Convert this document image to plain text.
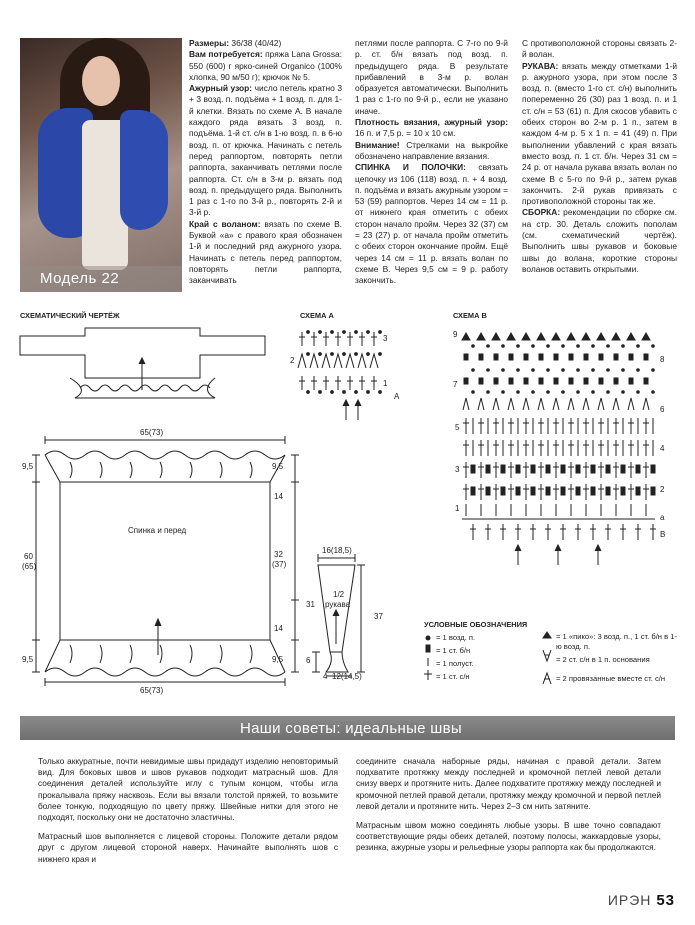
Модель 22
Размеры: 36/38 (40/42)
Вам потребуется: пряжа Lana Grossa: 550 (600) г ярко-синей Organico (100% хлопка, 90 м/50 г); крючок № 5.
Ажурный узор: число петель кратно 3 + 3 возд. п. подъёма + 1 возд. п. для 1-й клетки. Вязать по схеме А. В начале каждого ряда вязать 3 возд. п. подъёма. 1-й ст. с/н в 1-ю возд. п. в 6-ю возд. п. от крючка. Начинать с петель перед раппортом, повторять петли раппорта, заканчивать петлями после раппорта. Ст. с/н в 3-м р. вязать под возд. п. предыдущего ряда. Выполнить 1 раз с 1-го по 3-й р., повторять 2-й и 3-й р.
Край с воланом: вязать по схеме В. Буквой «а» с правого края обозначен 1-й и последний ряд ажурного узора. Начинать с петель перед раппортом, повторять петли раппорта, заканчивать
петлями после раппорта. С 7-го по 9-й р. ст. б/н вязать под возд. п. предыдущего ряда. В результате прибавлений в 3-м р. волан образуется автоматически. Выполнить 1 раз с 1-го по 9-й р., если не указано иначе.
Плотность вязания, ажурный узор: 16 п. и 7,5 р. = 10 х 10 см.
Внимание! Стрелками на выкройке обозначено направление вязания.
СПИНКА И ПОЛОЧКИ: связать цепочку из 106 (118) возд. п. + 4 возд. п. подъёма и вязать ажурным узором = 53 (59) раппортов. Через 14 см = 11 р. от нижнего края отметить с обеих сторон начало пройм. Через 32 (37) см = 23 (27) р. от начала пройм отметить с обеих сторон окончание пройм. Ещё через 14 см = 11 р. вязать волан по схеме В. Через 9,5 см = 9 р. работу закончить.
С противоположной стороны связать 2-й волан.
РУКАВА: вязать между отметками 1-й р. ажурного узора, при этом после 3 возд. п. (вместо 1-го ст. с/н) выполнить попеременно 26 (30) раз 1 возд. п. и 1 ст. с/н = 53 (61) п. Для скосов убавить с обеих сторон во 2-м р. 1 п., затем в каждом 4-м р. 5 х 1 п. = 41 (49) п. При выполнении убавлений с края вязать вместо возд. п. 1 ст. б/н. Через 31 см = 24 р. от начала рукава вязать волан по схеме В с 5-го по 9-й р., затем рукав закончить. 2-й рукав привязать с противоположной стороны так же.
СБОРКА: рекомендации по сборке см. на стр. 30. Деталь сложить пополам (см. схематический чертёж). Выполнить швы рукавов и боковые швы до волана, короткие стороны воланов оставить открытыми.
СХЕМАТИЧЕСКИЙ ЧЕРТЁЖ	СХЕМА А	СХЕМА В
3
2
1
А
9
8
7
6
5
4
3
2
1
а
В
65(73)
65(73)
9,5	9,5
9,5	9,5
60
(65)
14
32
(37)
14
Спинка и перед
16(18,5)
31
37
1/2
рукава
6
4 12(14,5)
УСЛОВНЫЕ ОБОЗНАЧЕНИЯ
= 1 возд. п.
= 1 ст. б/н
= 1 полуст.
= 1 ст. с/н
= 1 «пико»: 3 возд. п., 1 ст. б/н в 1-ю возд. п.
= 2 ст. с/н в 1 п. основания
= 2 провязанные вместе ст. с/н
Наши советы: идеальные швы

Только аккуратные, почти невидимые швы придадут изделию неповторимый вид. Для боковых швов и швов рукавов подходит матрасный шов. Для соединения деталей используйте иглу с тупым концом, чтобы игла прокалывала пряжу насквозь. Если вы вязали толстой пряжей, то возьмите более тонкую, подходящую по цвету пряжу. Швейные нитки для этого не подходят, поскольку они не достаточно эластичны.

Матрасный шов выполняется с лицевой стороны. Положите детали рядом друг с другом лицевой стороной наверх. Начинайте выполнять шов с нижнего края и

соедините сначала наборные ряды, начиная с правой детали. Затем подхватите протяжку между последней и кромочной петлей левой детали снизу вверх и протяните нить. Далее подхватите протяжку между последней и кромочной петлей правой детали, протяжку между кромочной и первой петлей левой детали и протяните нить. Через 2–3 см нить затяните.

Матрасным швом можно соединять любые узоры. В шве точно совпадают соответствующие ряды обеих деталей, поэтому полосы, жаккардовые узоры, резинка, ажурные узоры и рельефные узоры раппорта как бы продолжаются.

ИРЭН 53
